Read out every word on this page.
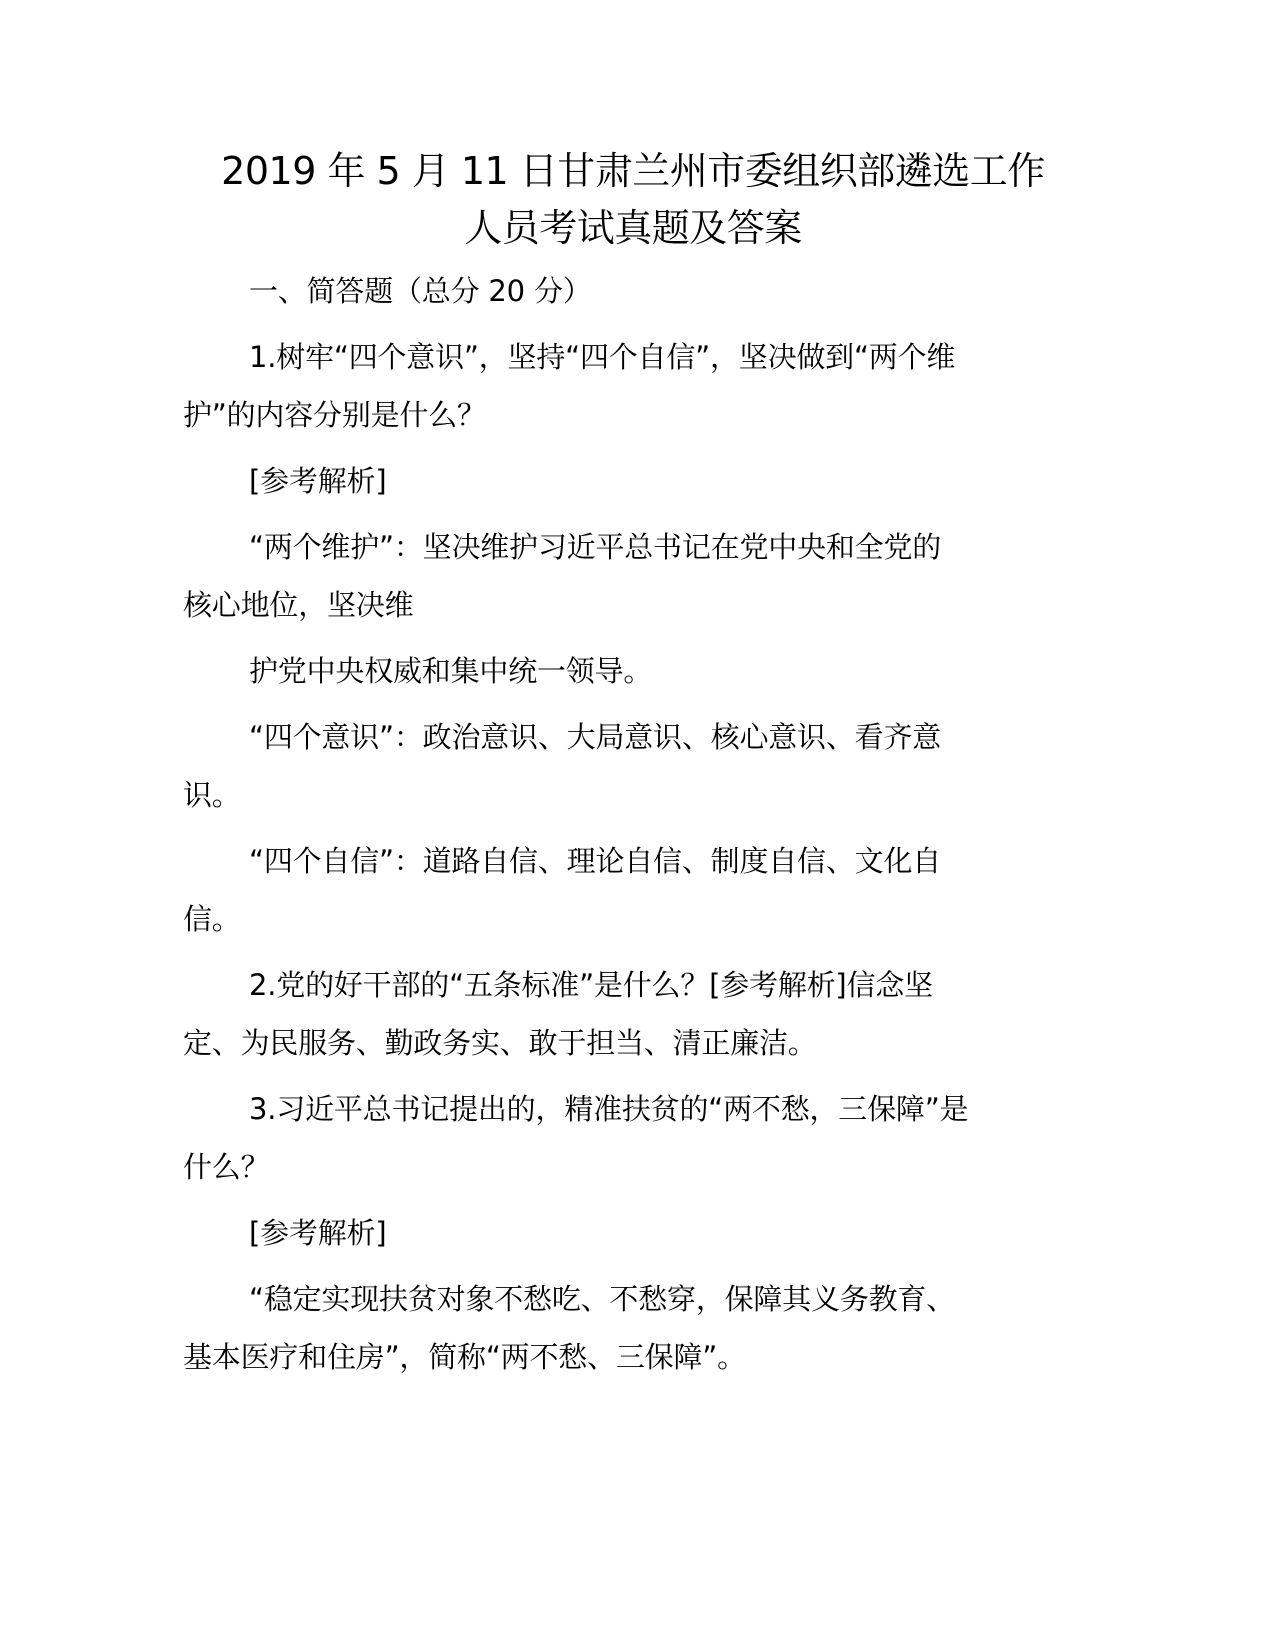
2019 年 5 月 11 日甘肃兰州市委组织部遴选工作
人员考试真题及答案

一、简答题（总分 20 分）

1.树牢“四个意识”，坚持“四个自信”，坚决做到“两个维
护”的内容分别是什么？

[参考解析]

“两个维护”：坚决维护习近平总书记在党中央和全党的
核心地位，坚决维

护党中央权威和集中统一领导。

“四个意识”：政治意识、大局意识、核心意识、看齐意
识。

“四个自信”：道路自信、理论自信、制度自信、文化自
信。

2.党的好干部的“五条标准”是什么？[参考解析]信念坚
定、为民服务、勤政务实、敢于担当、清正廉洁。

3.习近平总书记提出的，精准扶贫的“两不愁，三保障”是
什么？

[参考解析]

“稳定实现扶贫对象不愁吃、不愁穿，保障其义务教育、
基本医疗和住房”，简称“两不愁、三保障”。
